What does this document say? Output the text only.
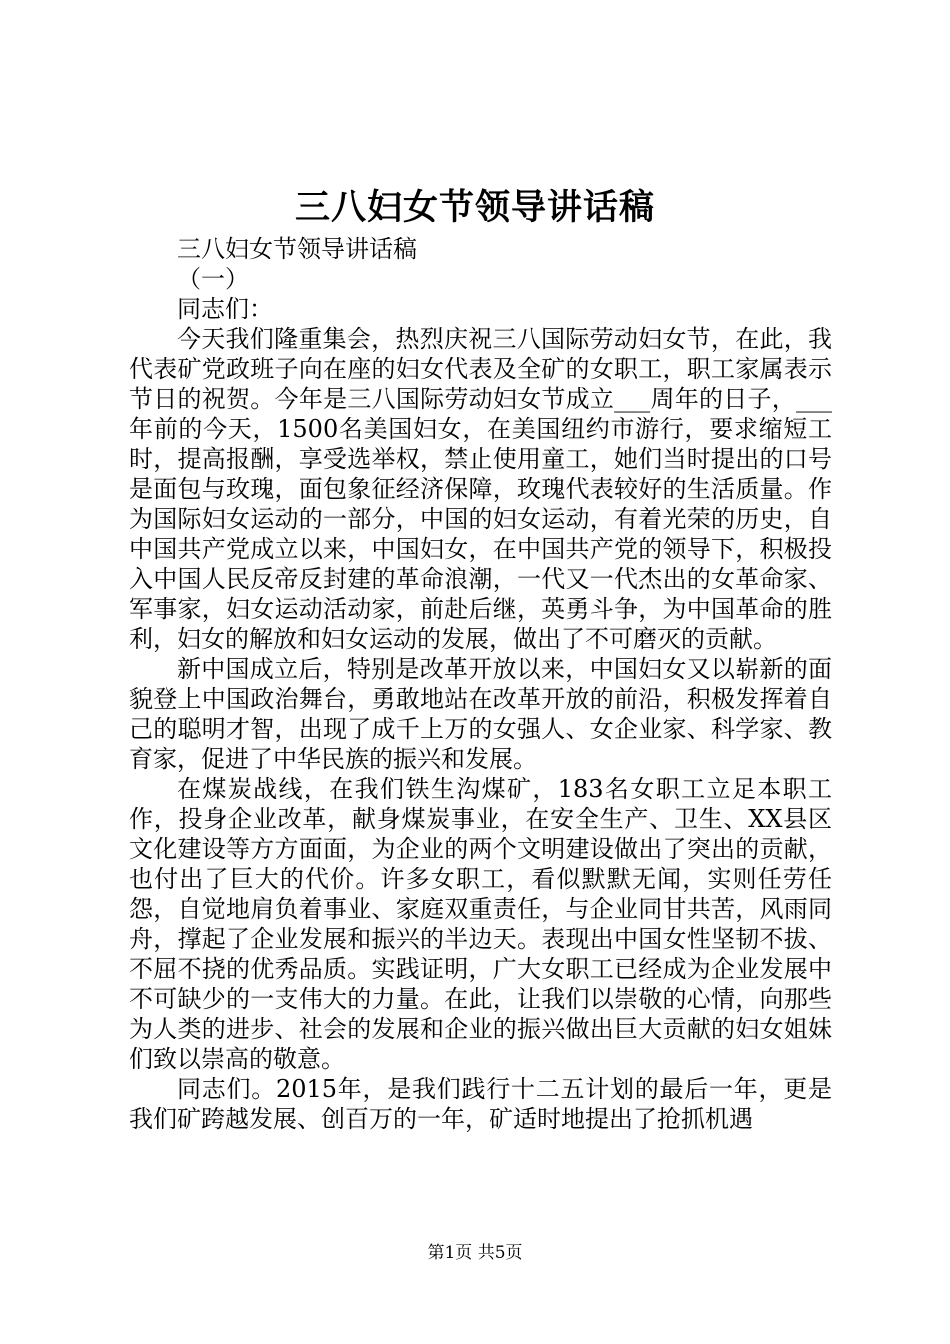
三八妇女节领导讲话稿

三八妇女节领导讲话稿

（一）

同志们：

今天我们隆重集会，热烈庆祝三八国际劳动妇女节，在此，我代表矿党政班子向在座的妇女代表及全矿的女职工，职工家属表示节日的祝贺。今年是三八国际劳动妇女节成立___周年的日子，___年前的今天，1500名美国妇女，在美国纽约市游行，要求缩短工时，提高报酬，享受选举权，禁止使用童工，她们当时提出的口号是面包与玫瑰，面包象征经济保障，玫瑰代表较好的生活质量。作为国际妇女运动的一部分，中国的妇女运动，有着光荣的历史，自中国共产党成立以来，中国妇女，在中国共产党的领导下，积极投入中国人民反帝反封建的革命浪潮，一代又一代杰出的女革命家、军事家，妇女运动活动家，前赴后继，英勇斗争，为中国革命的胜利，妇女的解放和妇女运动的发展，做出了不可磨灭的贡献。

新中国成立后，特别是改革开放以来，中国妇女又以崭新的面貌登上中国政治舞台，勇敢地站在改革开放的前沿，积极发挥着自己的聪明才智，出现了成千上万的女强人、女企业家、科学家、教育家，促进了中华民族的振兴和发展。

在煤炭战线，在我们铁生沟煤矿，183名女职工立足本职工作，投身企业改革，献身煤炭事业，在安全生产、卫生、XX县区文化建设等方方面面，为企业的两个文明建设做出了突出的贡献，也付出了巨大的代价。许多女职工，看似默默无闻，实则任劳任怨，自觉地肩负着事业、家庭双重责任，与企业同甘共苦，风雨同舟，撑起了企业发展和振兴的半边天。表现出中国女性坚韧不拔、不屈不挠的优秀品质。实践证明，广大女职工已经成为企业发展中不可缺少的一支伟大的力量。在此，让我们以崇敬的心情，向那些为人类的进步、社会的发展和企业的振兴做出巨大贡献的妇女姐妹们致以崇高的敬意。

同志们。2015年，是我们践行十二五计划的最后一年，更是我们矿跨越发展、创百万的一年，矿适时地提出了抢抓机遇

第1页 共5页
